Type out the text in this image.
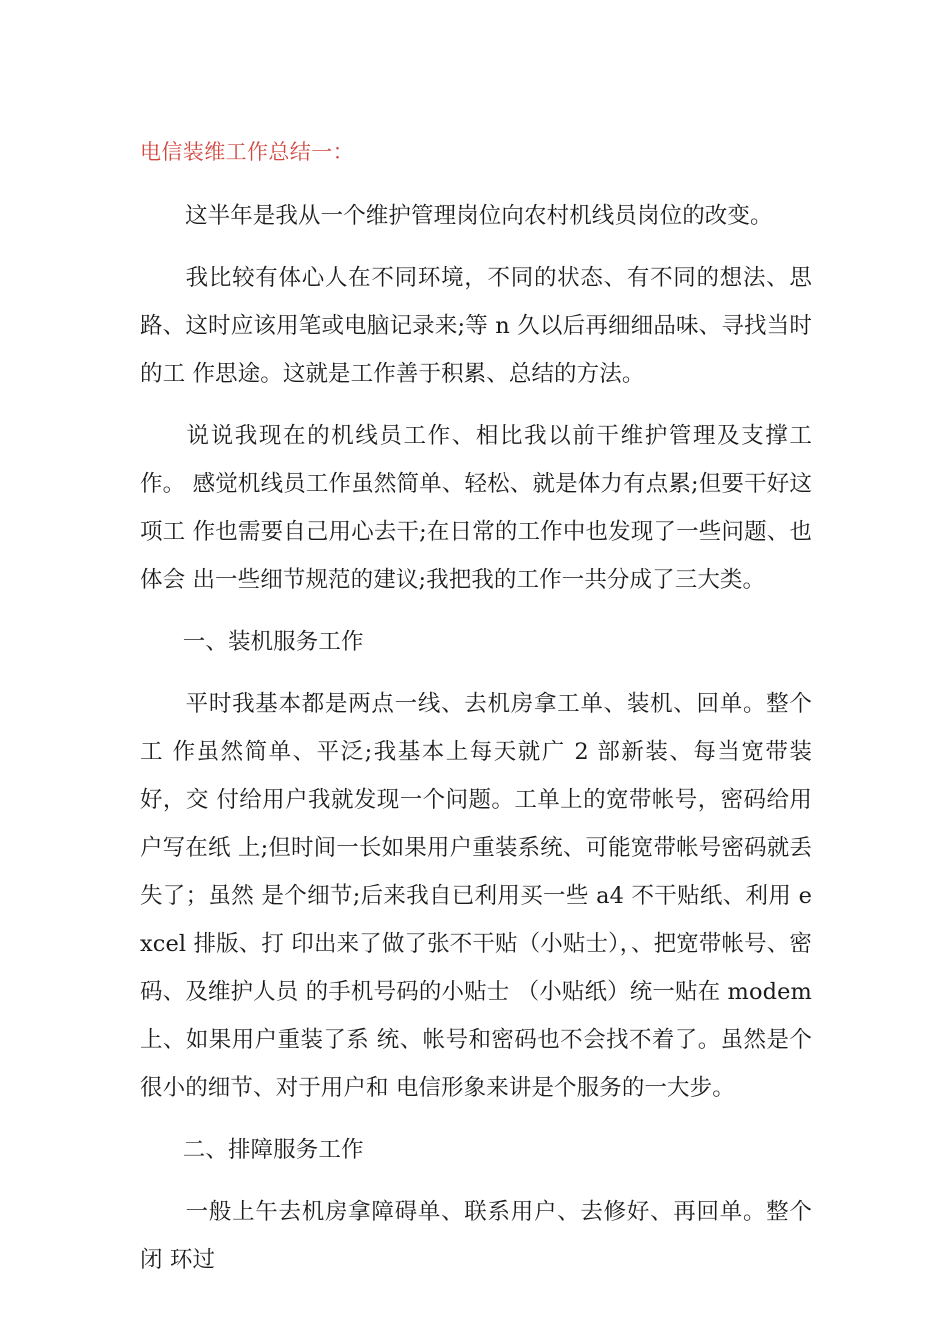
电信装维工作总结一：

这半年是我从一个维护管理岗位向农村机线员岗位的改变。

我比较有体心人在不同环境，不同的状态、有不同的想法、思路、这时应该用笔或电脑记录来;等 n 久以后再细细品味、寻找当时的工 作思途。这就是工作善于积累、总结的方法。

说说我现在的机线员工作、相比我以前干维护管理及支撑工作。 感觉机线员工作虽然简单、轻松、就是体力有点累;但要干好这项工 作也需要自己用心去干;在日常的工作中也发现了一些问题、也体会 出一些细节规范的建议;我把我的工作一共分成了三大类。

一、装机服务工作

平时我基本都是两点一线、去机房拿工单、装机、回单。整个工 作虽然简单、平泛;我基本上每天就广 2 部新装、每当宽带装好，交 付给用户我就发现一个问题。工单上的宽带帐号，密码给用户写在纸 上;但时间一长如果用户重装系统、可能宽带帐号密码就丢失了；虽然 是个细节;后来我自已利用买一些 a4 不干贴纸、利用 excel 排版、打 印出来了做了张不干贴（小贴士），、把宽带帐号、密码、及维护人员 的手机号码的小贴士 （小贴纸）统一贴在 modem 上、如果用户重装了系 统、帐号和密码也不会找不着了。虽然是个很小的细节、对于用户和 电信形象来讲是个服务的一大步。

二、排障服务工作

一般上午去机房拿障碍单、联系用户、去修好、再回单。整个闭 环过
